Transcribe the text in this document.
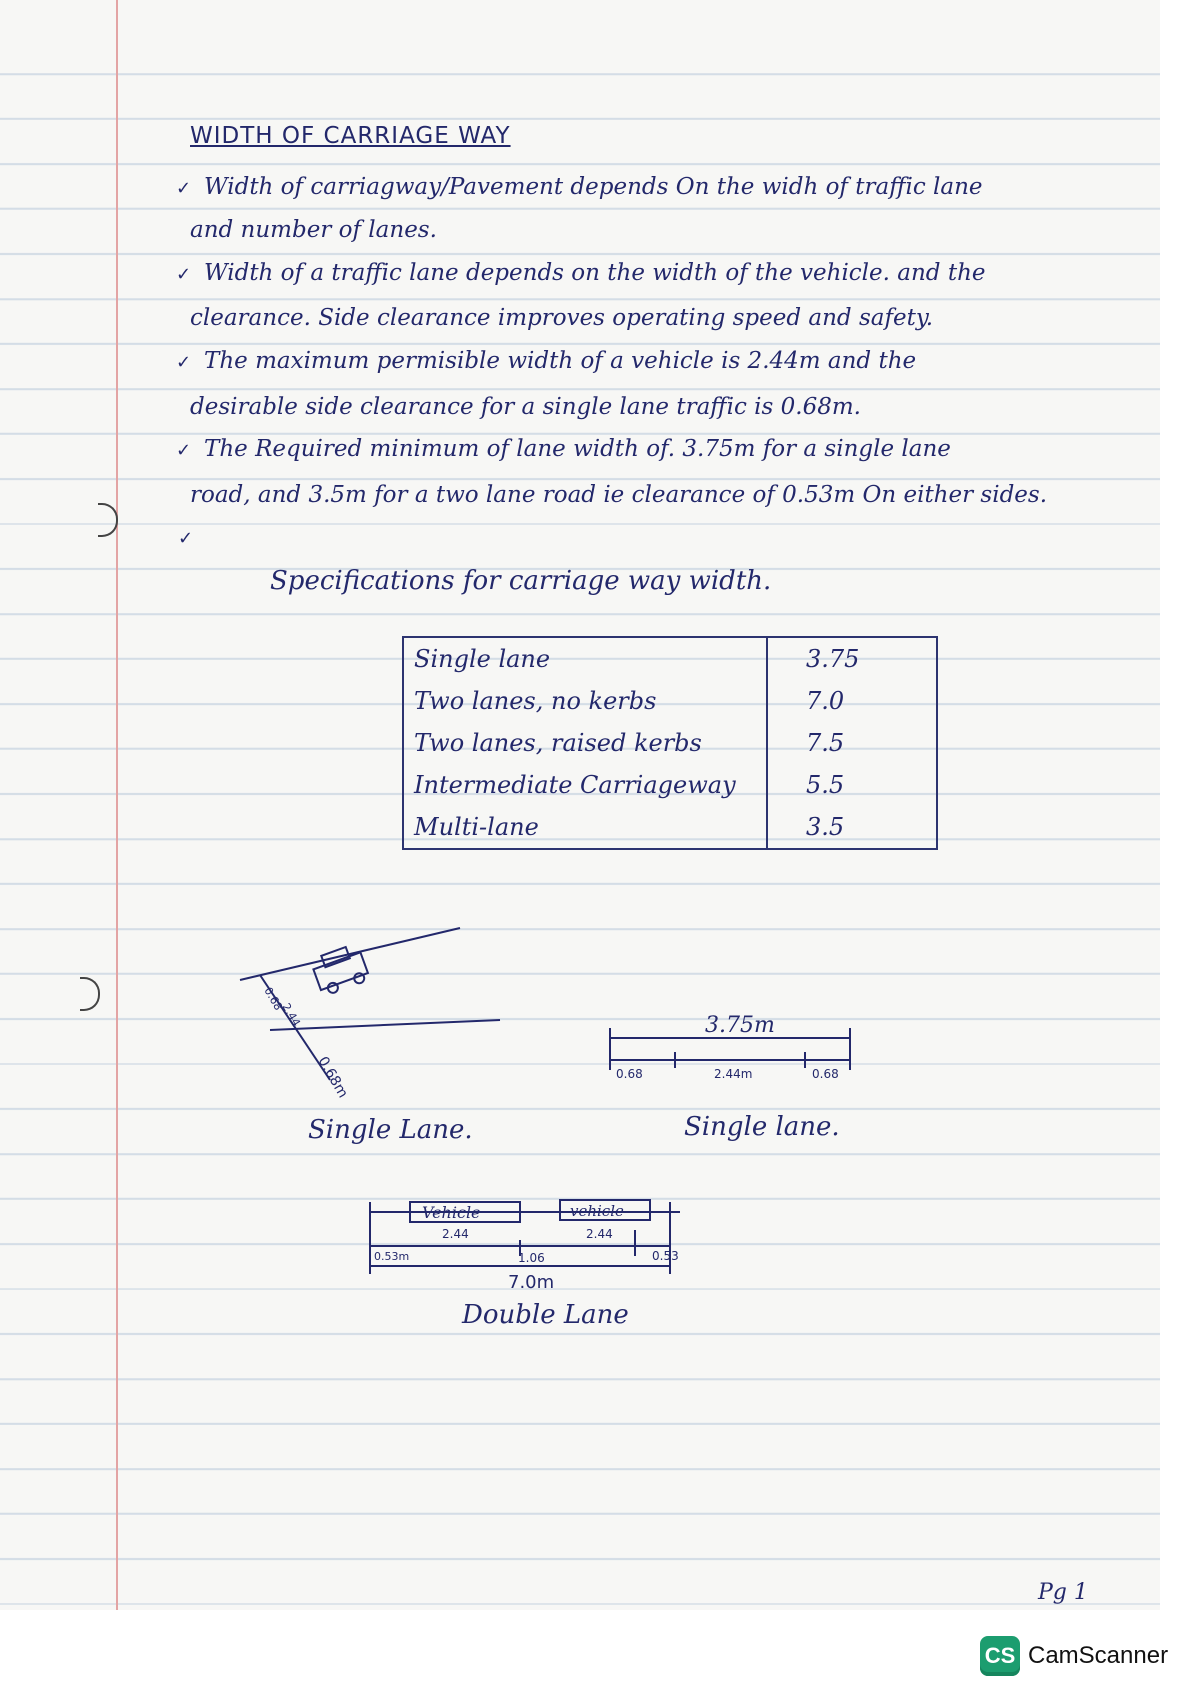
WIDTH OF CARRIAGE WAY
✓ Width of carriagway/Pavement depends On the widh of traffic lane
and number of lanes.
✓ Width of a traffic lane depends on the width of the vehicle. and the
clearance. Side clearance improves operating speed and safety.
✓ The maximum permisible width of a vehicle is 2.44m and the
desirable side clearance for a single lane traffic is 0.68m.
✓ The Required minimum of lane width of. 3.75m for a single lane
road, and 3.5m for a two lane road ie clearance of 0.53m On either sides.
✓
Specifications for carriage way width.
Single lane	3.75
Two lanes, no kerbs	7.0
Two lanes, raised kerbs	7.5
Intermediate Carriageway	5.5
Multi-lane	3.5
0.68
2.44
0.68m
Single Lane.
3.75m
0.68	2.44m	0.68
Single lane.
Vehicle	vehicle
2.44	2.44
0.53m	1.06	0.53
7.0m
Double Lane
Pg 1
CS CamScanner
